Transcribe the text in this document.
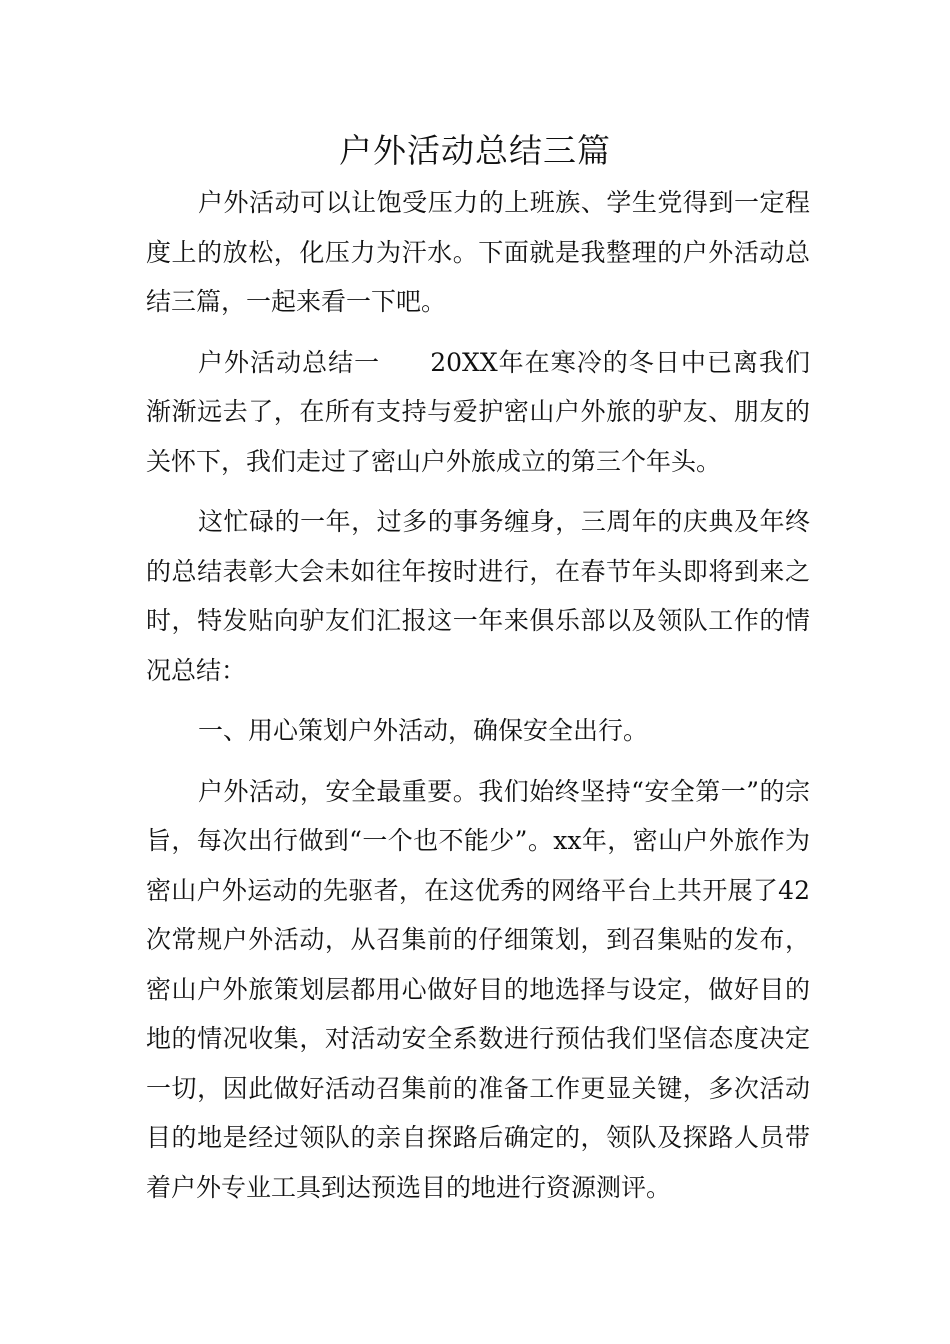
户外活动总结三篇

户外活动可以让饱受压力的上班族、学生党得到一定程度上的放松，化压力为汗水。下面就是我整理的户外活动总结三篇，一起来看一下吧。

户外活动总结一 20XX年在寒冷的冬日中已离我们渐渐远去了，在所有支持与爱护密山户外旅的驴友、朋友的关怀下，我们走过了密山户外旅成立的第三个年头。

这忙碌的一年，过多的事务缠身，三周年的庆典及年终的总结表彰大会未如往年按时进行，在春节年头即将到来之时，特发贴向驴友们汇报这一年来俱乐部以及领队工作的情况总结：

一、用心策划户外活动，确保安全出行。

户外活动，安全最重要。我们始终坚持“安全第一”的宗旨，每次出行做到“一个也不能少”。xx年，密山户外旅作为密山户外运动的先驱者，在这优秀的网络平台上共开展了42次常规户外活动，从召集前的仔细策划，到召集贴的发布，密山户外旅策划层都用心做好目的地选择与设定，做好目的地的情况收集，对活动安全系数进行预估我们坚信态度决定一切，因此做好活动召集前的准备工作更显关键，多次活动目的地是经过领队的亲自探路后确定的，领队及探路人员带着户外专业工具到达预选目的地进行资源测评。
